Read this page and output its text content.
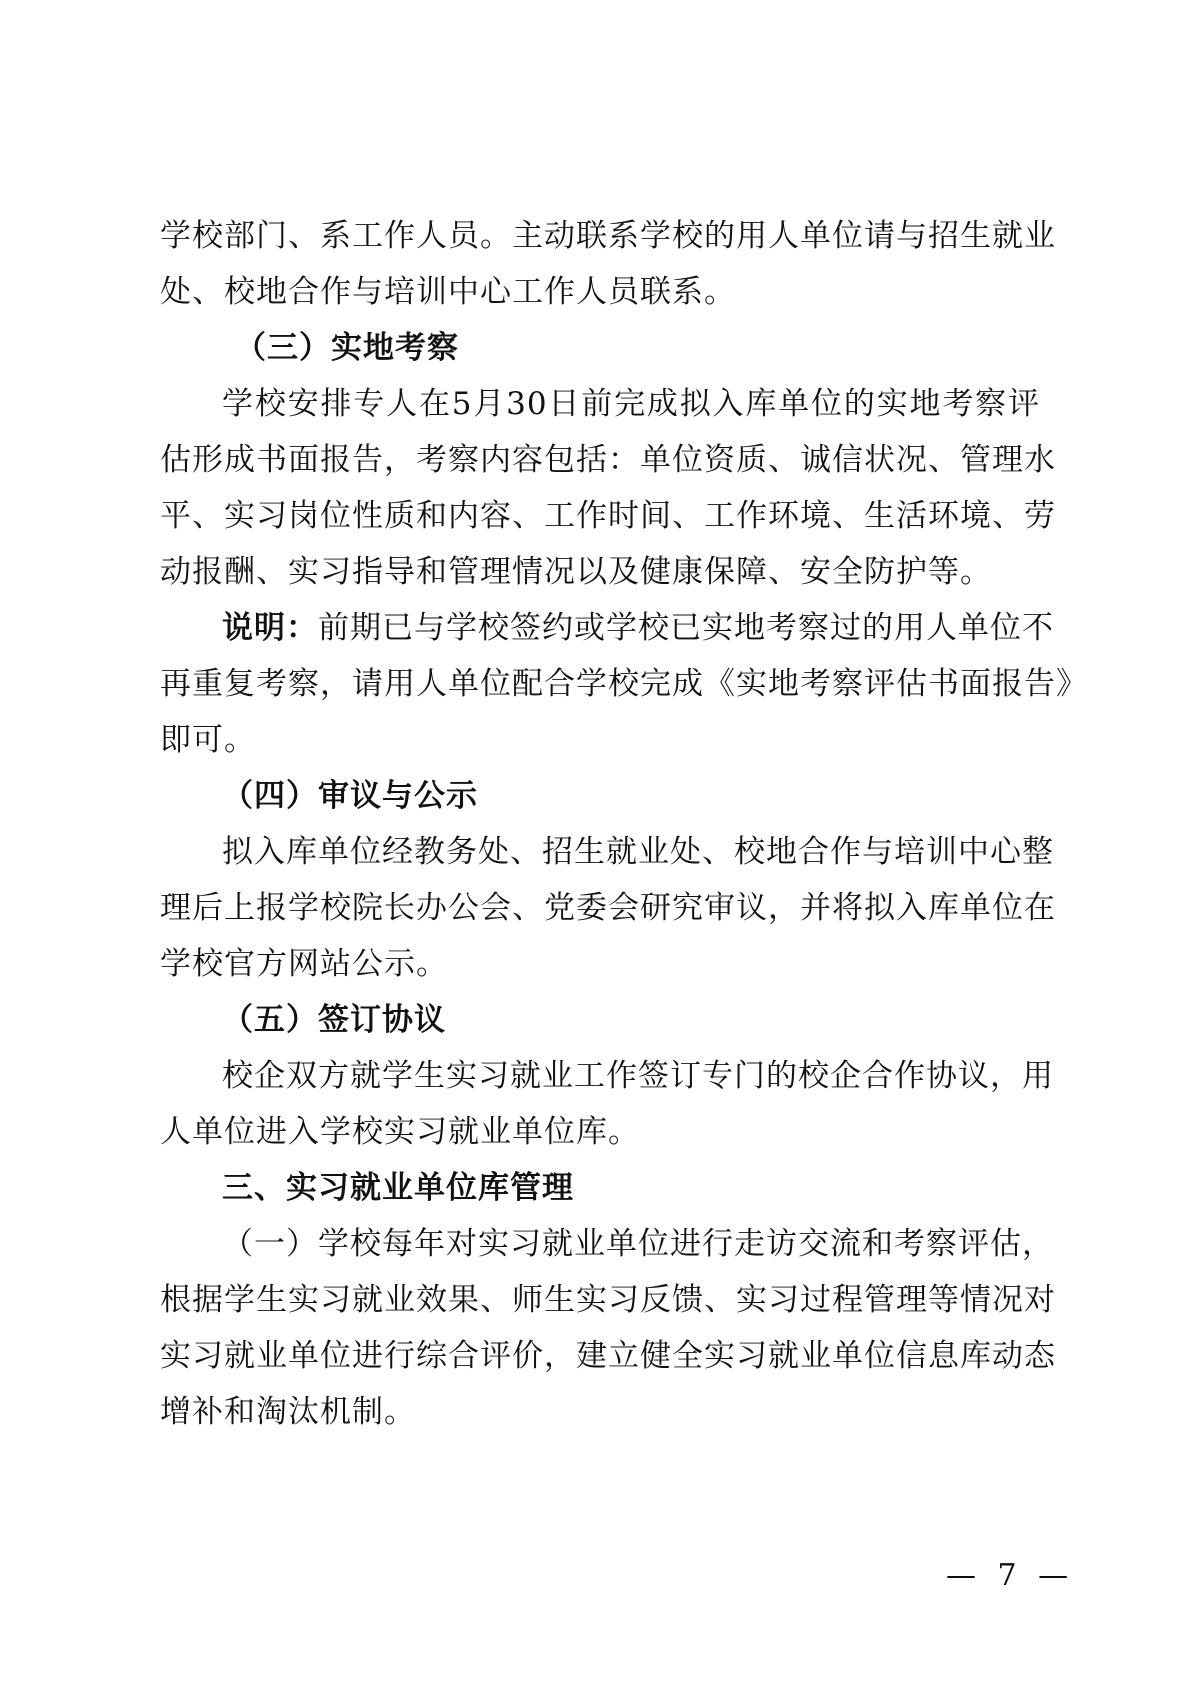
学校部门、系工作人员。主动联系学校的用人单位请与招生就业
处、校地合作与培训中心工作人员联系。
（三）实地考察
学校安排专人在5月30日前完成拟入库单位的实地考察评
估形成书面报告，考察内容包括：单位资质、诚信状况、管理水
平、实习岗位性质和内容、工作时间、工作环境、生活环境、劳
动报酬、实习指导和管理情况以及健康保障、安全防护等。
说明：前期已与学校签约或学校已实地考察过的用人单位不
再重复考察，请用人单位配合学校完成《实地考察评估书面报告》
即可。
（四）审议与公示
拟入库单位经教务处、招生就业处、校地合作与培训中心整
理后上报学校院长办公会、党委会研究审议，并将拟入库单位在
学校官方网站公示。
（五）签订协议
校企双方就学生实习就业工作签订专门的校企合作协议，用
人单位进入学校实习就业单位库。
三、实习就业单位库管理
（一）学校每年对实习就业单位进行走访交流和考察评估，
根据学生实习就业效果、师生实习反馈、实习过程管理等情况对
实习就业单位进行综合评价，建立健全实习就业单位信息库动态
增补和淘汰机制。
— 7 —
